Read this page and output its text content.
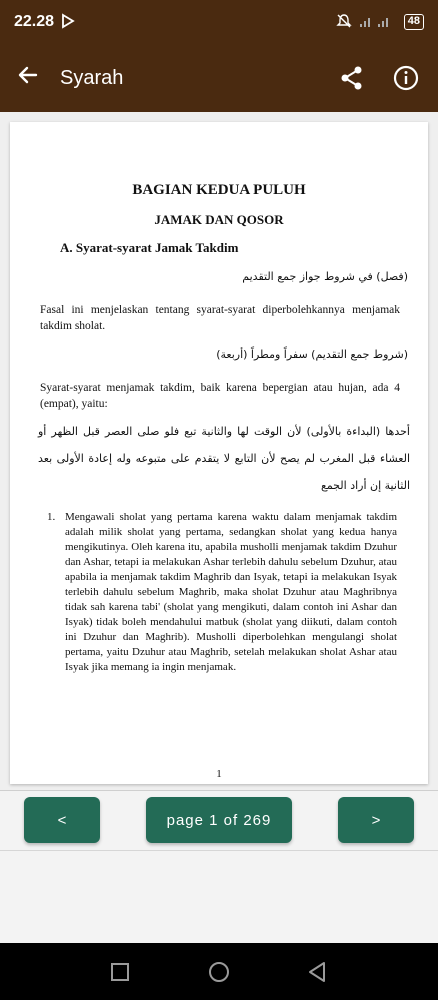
22.28	48
Syarah
BAGIAN KEDUA PULUH
JAMAK DAN QOSOR
A. Syarat-syarat Jamak Takdim
(فصل) في شروط جواز جمع التقديم
Fasal ini menjelaskan tentang syarat-syarat diperbolehkannya menjamak takdim sholat.
(شروط جمع التقديم) سفراً ومطراً (أربعة)
Syarat-syarat menjamak takdim, baik karena bepergian atau hujan, ada 4 (empat), yaitu:
أحدها (البداءة بالأولى) لأن الوقت لها والثانية تبع فلو صلى العصر قبل الظهر أو العشاء قبل المغرب لم يصح لأن التابع لا يتقدم على متبوعه وله إعادة الأولى بعد الثانية إن أراد الجمع
1. Mengawali sholat yang pertama karena waktu dalam menjamak takdim adalah milik sholat yang pertama, sedangkan sholat yang kedua hanya mengikutinya. Oleh karena itu, apabila musholli menjamak takdim Dzuhur dan Ashar, tetapi ia melakukan Ashar terlebih dahulu sebelum Dzuhur, atau apabila ia menjamak takdim Maghrib dan Isyak, tetapi ia melakukan Isyak terlebih dahulu sebelum Maghrib, maka sholat Dzuhur atau Maghribnya tidak sah karena tabi' (sholat yang mengikuti, dalam contoh ini Ashar dan Isyak) tidak boleh mendahului matbuk (sholat yang diikuti, dalam contoh ini Dzuhur dan Maghrib). Musholli diperbolehkan mengulangi sholat pertama, yaitu Dzuhur atau Maghrib, setelah melakukan sholat Ashar atau Isyak jika memang ia ingin menjamak.
1
<	page 1 of 269	>
